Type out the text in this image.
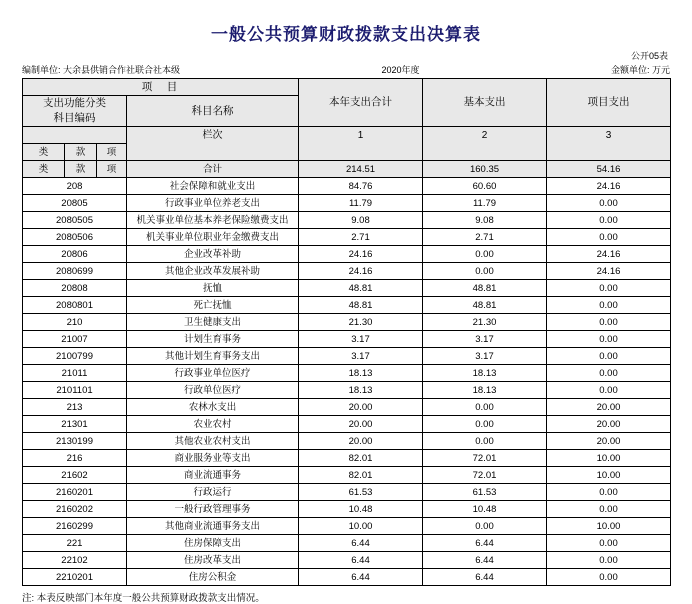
一般公共预算财政拨款支出决算表
公开05表
编制单位: 大余县供销合作社联合社本级	2020年度	金额单位: 万元
项　目				本年支出合计	基本支出	项目支出
支出功能分类
科目编码			科目名称			
			栏次	1	2	3
类	款	项				
类	款	项	合计	214.51	160.35	54.16
208			社会保障和就业支出	84.76	60.60	24.16
20805			行政事业单位养老支出	11.79	11.79	0.00
2080505			机关事业单位基本养老保险缴费支出	9.08	9.08	0.00
2080506			机关事业单位职业年金缴费支出	2.71	2.71	0.00
20806			企业改革补助	24.16	0.00	24.16
2080699			其他企业改革发展补助	24.16	0.00	24.16
20808			抚恤	48.81	48.81	0.00
2080801			死亡抚恤	48.81	48.81	0.00
210			卫生健康支出	21.30	21.30	0.00
21007			计划生育事务	3.17	3.17	0.00
2100799			其他计划生育事务支出	3.17	3.17	0.00
21011			行政事业单位医疗	18.13	18.13	0.00
2101101			行政单位医疗	18.13	18.13	0.00
213			农林水支出	20.00	0.00	20.00
21301			农业农村	20.00	0.00	20.00
2130199			其他农业农村支出	20.00	0.00	20.00
216			商业服务业等支出	82.01	72.01	10.00
21602			商业流通事务	82.01	72.01	10.00
2160201			行政运行	61.53	61.53	0.00
2160202			一般行政管理事务	10.48	10.48	0.00
2160299			其他商业流通事务支出	10.00	0.00	10.00
221			住房保障支出	6.44	6.44	0.00
22102			住房改革支出	6.44	6.44	0.00
2210201			住房公积金	6.44	6.44	0.00
注: 本表反映部门本年度一般公共预算财政拨款支出情况。
